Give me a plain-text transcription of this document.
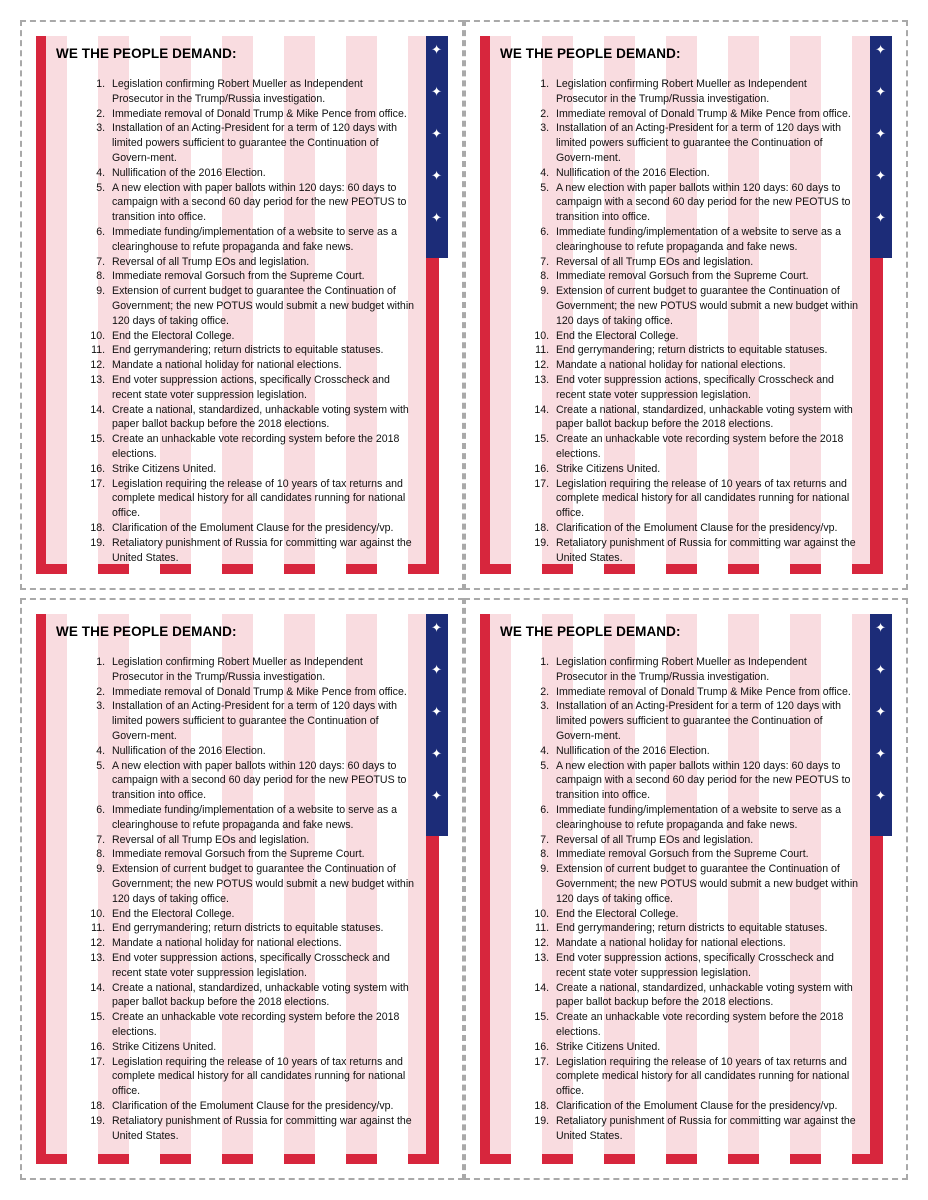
✦
✦
✦
✦
✦
WE THE PEOPLE DEMAND:
1. Legislation confirming Robert Mueller as Independent Prosecutor in the Trump/Russia investigation.
2. Immediate removal of Donald Trump & Mike Pence from office.
3. Installation of an Acting-President for a term of 120 days with limited powers sufficient to guarantee the Continuation of Govern-ment.
4. Nullification of the 2016 Election.
5. A new election with paper ballots within 120 days: 60 days to campaign with a second 60 day period for the new PEOTUS to transition into office.
6. Immediate funding/implementation of a website to serve as a clearinghouse to refute propaganda and fake news.
7. Reversal of all Trump EOs and legislation.
8. Immediate removal Gorsuch from the Supreme Court.
9. Extension of current budget to guarantee the Continuation of Government; the new POTUS would submit a new budget within 120 days of taking office.
10. End the Electoral College.
11. End gerrymandering; return districts to equitable statuses.
12. Mandate a national holiday for national elections.
13. End voter suppression actions, specifically Crosscheck and recent state voter suppression legislation.
14. Create a national, standardized, unhackable voting system with paper ballot backup before the 2018 elections.
15. Create an unhackable vote recording system before the 2018 elections.
16. Strike Citizens United.
17. Legislation requiring the release of 10 years of tax returns and complete medical history for all candidates running for national office.
18. Clarification of the Emolument Clause for the presidency/vp.
19. Retaliatory punishment of Russia for committing war against the United States.
✦
✦
✦
✦
✦
WE THE PEOPLE DEMAND:
1. Legislation confirming Robert Mueller as Independent Prosecutor in the Trump/Russia investigation.
2. Immediate removal of Donald Trump & Mike Pence from office.
3. Installation of an Acting-President for a term of 120 days with limited powers sufficient to guarantee the Continuation of Govern-ment.
4. Nullification of the 2016 Election.
5. A new election with paper ballots within 120 days: 60 days to campaign with a second 60 day period for the new PEOTUS to transition into office.
6. Immediate funding/implementation of a website to serve as a clearinghouse to refute propaganda and fake news.
7. Reversal of all Trump EOs and legislation.
8. Immediate removal Gorsuch from the Supreme Court.
9. Extension of current budget to guarantee the Continuation of Government; the new POTUS would submit a new budget within 120 days of taking office.
10. End the Electoral College.
11. End gerrymandering; return districts to equitable statuses.
12. Mandate a national holiday for national elections.
13. End voter suppression actions, specifically Crosscheck and recent state voter suppression legislation.
14. Create a national, standardized, unhackable voting system with paper ballot backup before the 2018 elections.
15. Create an unhackable vote recording system before the 2018 elections.
16. Strike Citizens United.
17. Legislation requiring the release of 10 years of tax returns and complete medical history for all candidates running for national office.
18. Clarification of the Emolument Clause for the presidency/vp.
19. Retaliatory punishment of Russia for committing war against the United States.
✦
✦
✦
✦
✦
WE THE PEOPLE DEMAND:
1. Legislation confirming Robert Mueller as Independent Prosecutor in the Trump/Russia investigation.
2. Immediate removal of Donald Trump & Mike Pence from office.
3. Installation of an Acting-President for a term of 120 days with limited powers sufficient to guarantee the Continuation of Govern-ment.
4. Nullification of the 2016 Election.
5. A new election with paper ballots within 120 days: 60 days to campaign with a second 60 day period for the new PEOTUS to transition into office.
6. Immediate funding/implementation of a website to serve as a clearinghouse to refute propaganda and fake news.
7. Reversal of all Trump EOs and legislation.
8. Immediate removal Gorsuch from the Supreme Court.
9. Extension of current budget to guarantee the Continuation of Government; the new POTUS would submit a new budget within 120 days of taking office.
10. End the Electoral College.
11. End gerrymandering; return districts to equitable statuses.
12. Mandate a national holiday for national elections.
13. End voter suppression actions, specifically Crosscheck and recent state voter suppression legislation.
14. Create a national, standardized, unhackable voting system with paper ballot backup before the 2018 elections.
15. Create an unhackable vote recording system before the 2018 elections.
16. Strike Citizens United.
17. Legislation requiring the release of 10 years of tax returns and complete medical history for all candidates running for national office.
18. Clarification of the Emolument Clause for the presidency/vp.
19. Retaliatory punishment of Russia for committing war against the United States.
✦
✦
✦
✦
✦
WE THE PEOPLE DEMAND:
1. Legislation confirming Robert Mueller as Independent Prosecutor in the Trump/Russia investigation.
2. Immediate removal of Donald Trump & Mike Pence from office.
3. Installation of an Acting-President for a term of 120 days with limited powers sufficient to guarantee the Continuation of Govern-ment.
4. Nullification of the 2016 Election.
5. A new election with paper ballots within 120 days: 60 days to campaign with a second 60 day period for the new PEOTUS to transition into office.
6. Immediate funding/implementation of a website to serve as a clearinghouse to refute propaganda and fake news.
7. Reversal of all Trump EOs and legislation.
8. Immediate removal Gorsuch from the Supreme Court.
9. Extension of current budget to guarantee the Continuation of Government; the new POTUS would submit a new budget within 120 days of taking office.
10. End the Electoral College.
11. End gerrymandering; return districts to equitable statuses.
12. Mandate a national holiday for national elections.
13. End voter suppression actions, specifically Crosscheck and recent state voter suppression legislation.
14. Create a national, standardized, unhackable voting system with paper ballot backup before the 2018 elections.
15. Create an unhackable vote recording system before the 2018 elections.
16. Strike Citizens United.
17. Legislation requiring the release of 10 years of tax returns and complete medical history for all candidates running for national office.
18. Clarification of the Emolument Clause for the presidency/vp.
19. Retaliatory punishment of Russia for committing war against the United States.
